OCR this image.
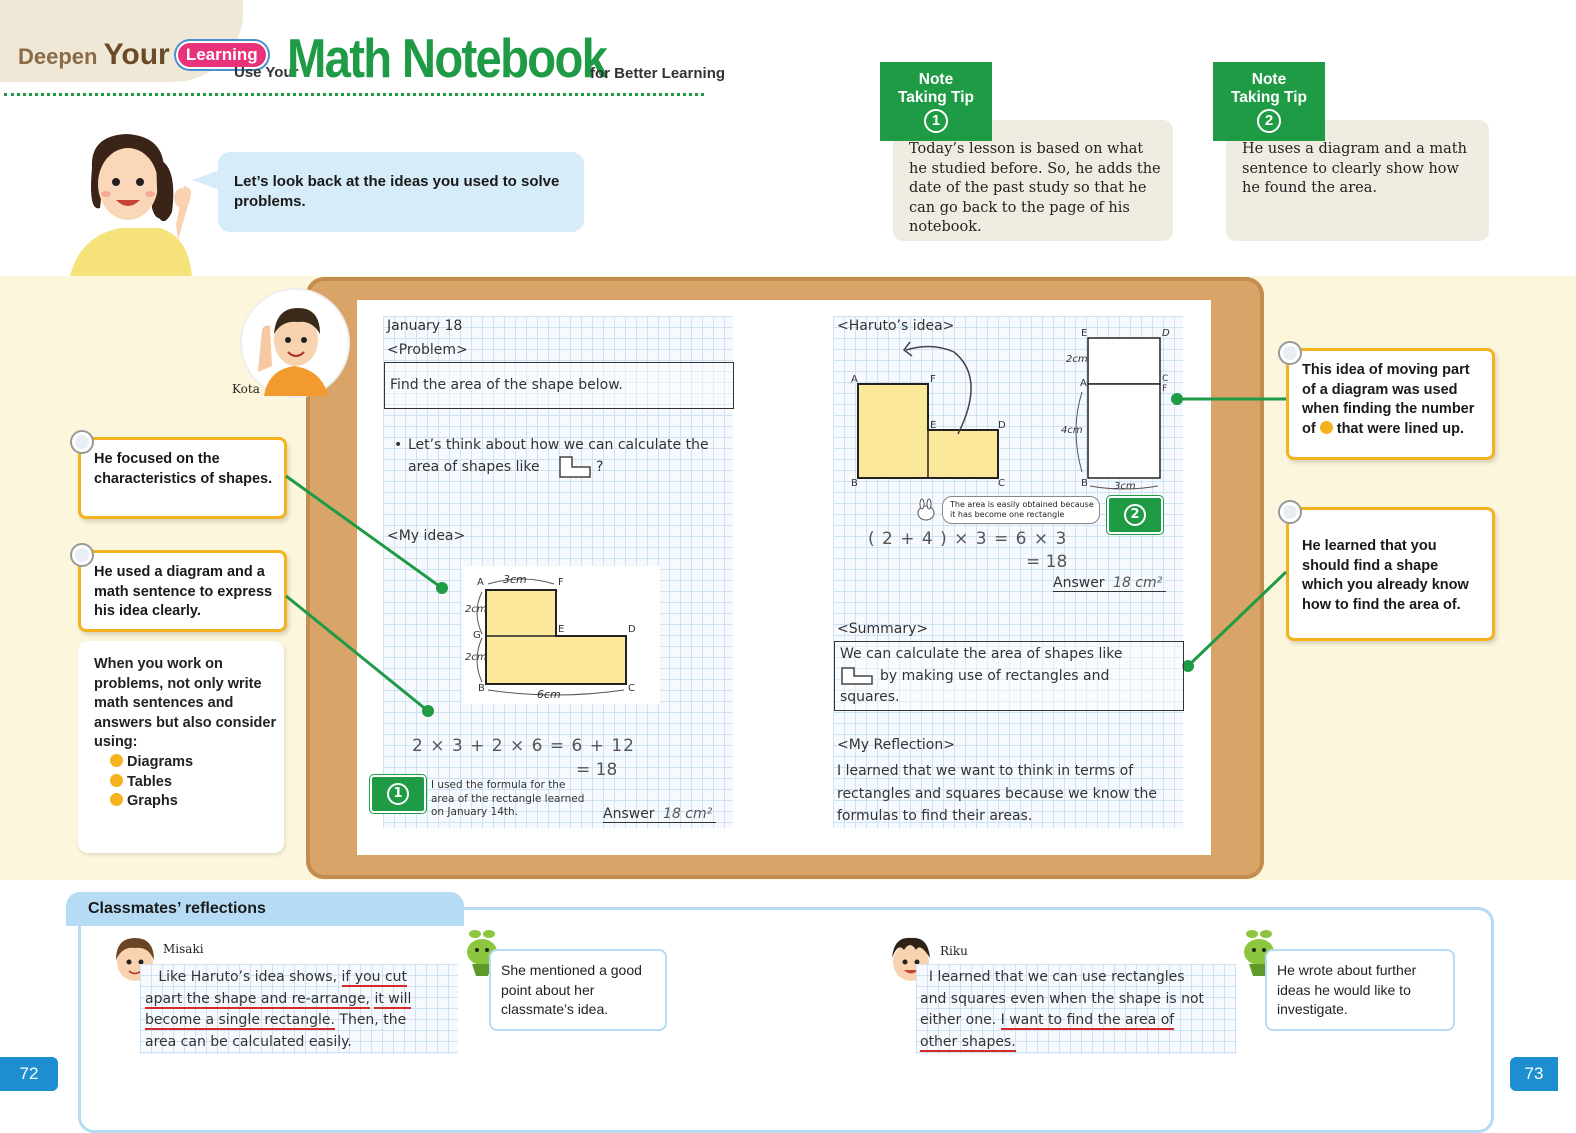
Deepen Your Learning
Use Your
Math Notebook
for Better Learning
Let’s look back at the ideas you used to solve problems.
Today’s lesson is based on what he studied before. So, he adds the date of the past study so that he can go back to the page of his notebook.
Note Taking Tip
1
He uses a diagram and a math sentence to clearly show how he found the area.
Note Taking Tip
2
Kota
He focused on the characteristics of shapes.
He used a diagram and a math sentence to express his idea clearly.
When you work on problems, not only write math sentences and answers but also consider using:
Diagrams
Tables
Graphs
This idea of moving part of a diagram was used when finding the number of that were lined up.
He learned that you should find a shape which you already know how to find the area of.
January 18
<Problem>
Find the area of the shape below.
• Let’s think about how we can calculate the
area of shapes like	?
<My idea>
A	F
3cm
2cm
G
E	D
2cm
B	C
6cm
2 × 3 + 2 × 6 = 6 + 12
= 18
1
I used the formula for the area of the rectangle learned on January 14th.	Answer 18 cm²
<Haruto’s idea>
A	F
E	D
B	C
E	D
2cm
A	C
F
4cm
B	3cm
The area is easily obtained because it has become one rectangle	2
( 2 + 4 ) × 3 = 6 × 3
= 18
Answer 18 cm²
<Summary>
We can calculate the area of shapes like
by making use of rectangles and
squares.
<My Reflection>
I learned that we want to think in terms of rectangles and squares because we know the formulas to find their areas.
Classmates’ reflections
Misaki
Like Haruto’s idea shows, if you cut
apart the shape and re-arrange, it will
become a single rectangle. Then, the
area can be calculated easily.
She mentioned a good point about her classmate’s idea.
Riku
I learned that we can use rectangles
and squares even when the shape is not
either one. I want to find the area of
other shapes.
He wrote about further ideas he would like to investigate.
72	73
